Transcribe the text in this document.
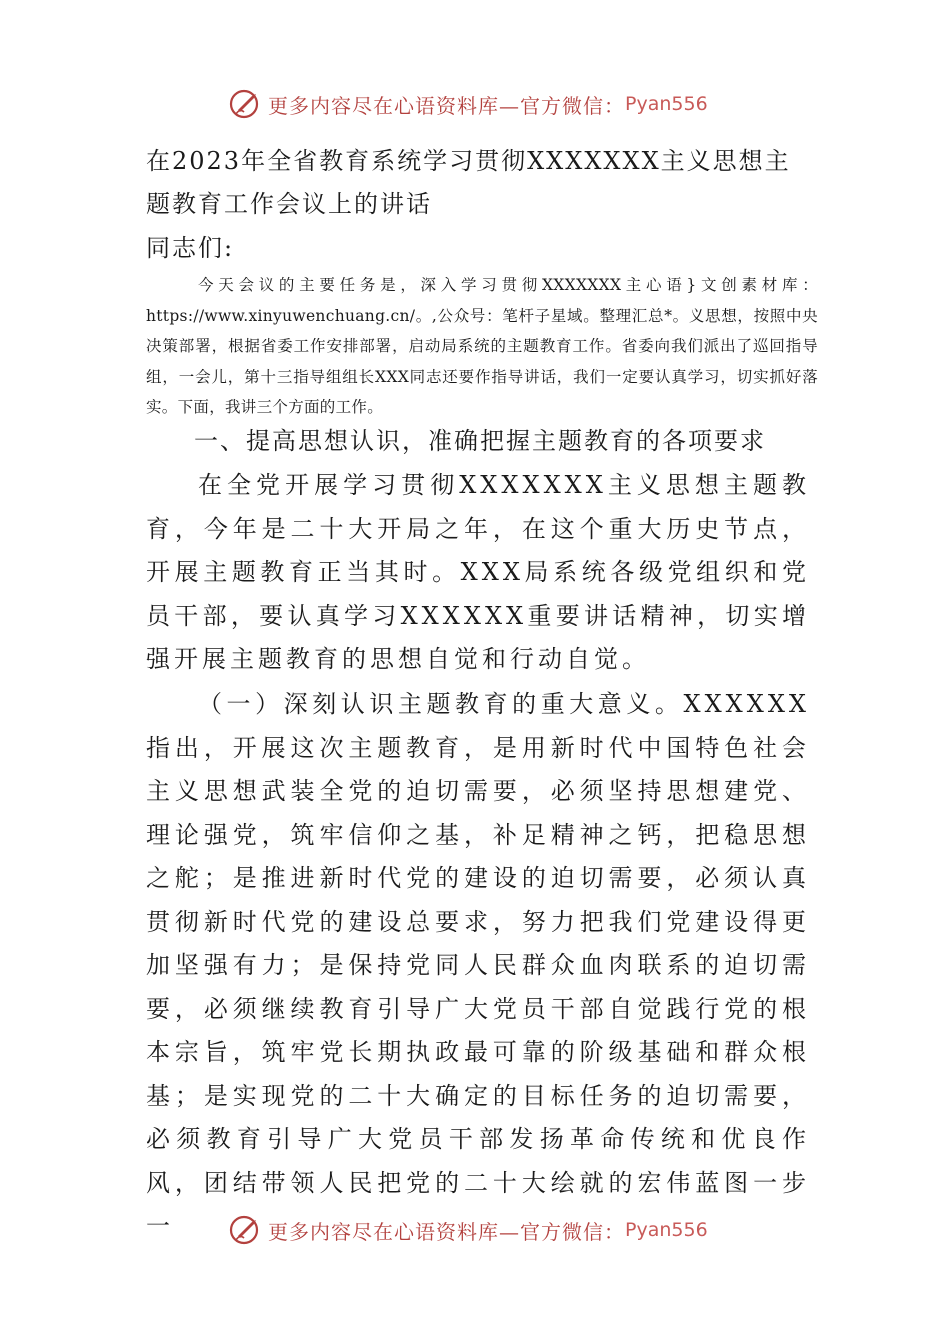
更多内容尽在心语资料库—官方微信： Pyan556
在2023年全省教育系统学习贯彻XXXXXXX主义思想主题教育工作会议上的讲话

同志们:

今天会议的主要任务是，深入学习贯彻XXXXXXX主心语}文创素材库：https://www.xinyuwenchuang.cn/。,公众号：笔杆子星域。整理汇总*。义思想，按照中央决策部署，根据省委工作安排部署，启动局系统的主题教育工作。省委向我们派出了巡回指导组，一会儿，第十三指导组组长XXX同志还要作指导讲话，我们一定要认真学习，切实抓好落实。下面，我讲三个方面的工作。

一、提高思想认识，准确把握主题教育的各项要求

在全党开展学习贯彻XXXXXXX主义思想主题教育，今年是二十大开局之年，在这个重大历史节点，开展主题教育正当其时。XXX局系统各级党组织和党员干部，要认真学习XXXXXX重要讲话精神，切实增强开展主题教育的思想自觉和行动自觉。

（一）深刻认识主题教育的重大意义。XXXXXX指出，开展这次主题教育，是用新时代中国特色社会主义思想武装全党的迫切需要，必须坚持思想建党、理论强党，筑牢信仰之基，补足精神之钙，把稳思想之舵；是推进新时代党的建设的迫切需要，必须认真贯彻新时代党的建设总要求，努力把我们党建设得更加坚强有力；是保持党同人民群众血肉联系的迫切需要，必须继续教育引导广大党员干部自觉践行党的根本宗旨，筑牢党长期执政最可靠的阶级基础和群众根基；是实现党的二十大确定的目标任务的迫切需要，必须教育引导广大党员干部发扬革命传统和优良作风，团结带领人民把党的二十大绘就的宏伟蓝图一步一	更多内容尽在心语资料库—官方微信： Pyan556
